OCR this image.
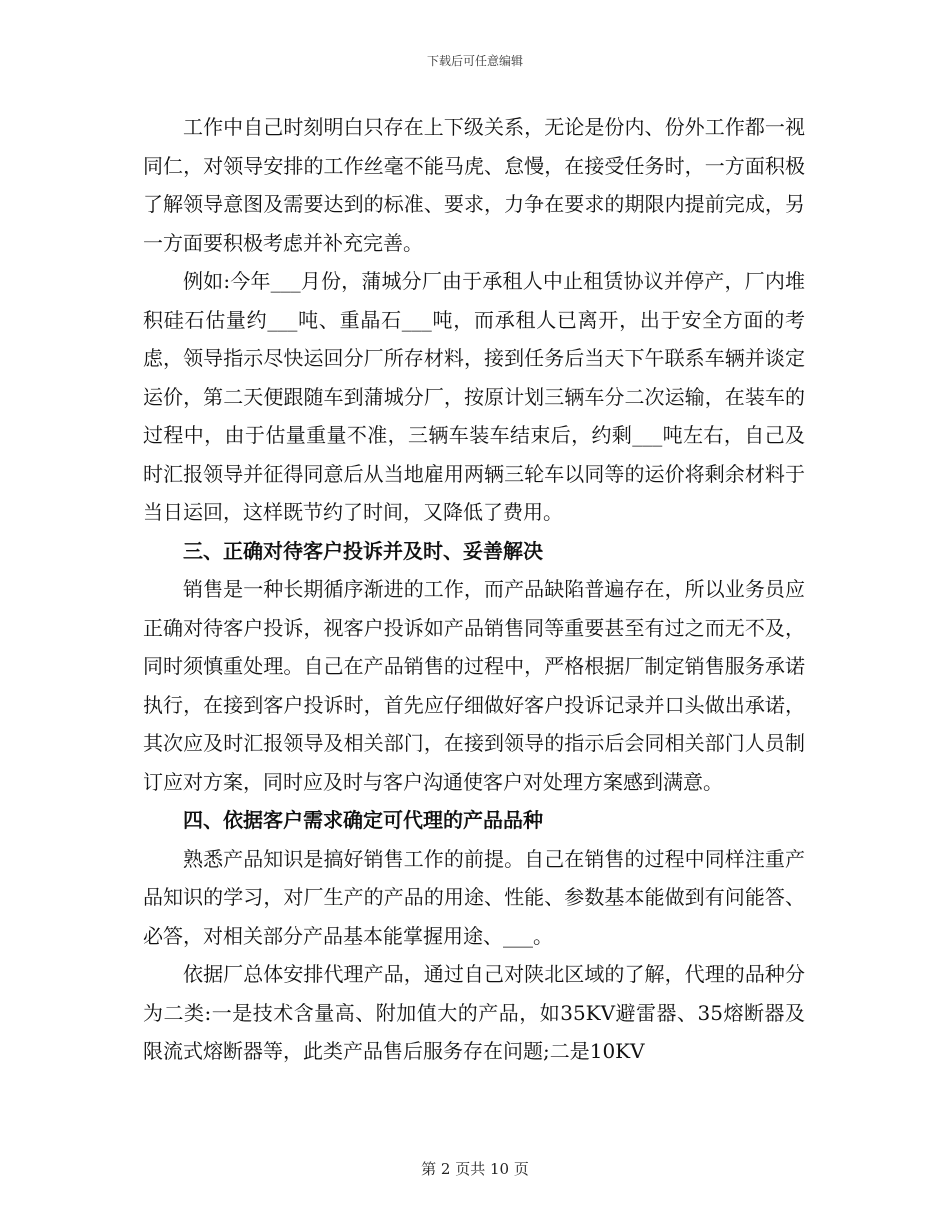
下载后可任意编辑

工作中自己时刻明白只存在上下级关系，无论是份内、份外工作都一视同仁，对领导安排的工作丝毫不能马虎、怠慢，在接受任务时，一方面积极了解领导意图及需要达到的标准、要求，力争在要求的期限内提前完成，另一方面要积极考虑并补充完善。

例如:今年___月份，蒲城分厂由于承租人中止租赁协议并停产，厂内堆积硅石估量约___吨、重晶石___吨，而承租人已离开，出于安全方面的考虑，领导指示尽快运回分厂所存材料，接到任务后当天下午联系车辆并谈定运价，第二天便跟随车到蒲城分厂，按原计划三辆车分二次运输，在装车的过程中，由于估量重量不准，三辆车装车结束后，约剩___吨左右，自己及时汇报领导并征得同意后从当地雇用两辆三轮车以同等的运价将剩余材料于当日运回，这样既节约了时间，又降低了费用。

三、正确对待客户投诉并及时、妥善解决

销售是一种长期循序渐进的工作，而产品缺陷普遍存在，所以业务员应正确对待客户投诉，视客户投诉如产品销售同等重要甚至有过之而无不及，同时须慎重处理。自己在产品销售的过程中，严格根据厂制定销售服务承诺执行，在接到客户投诉时，首先应仔细做好客户投诉记录并口头做出承诺，其次应及时汇报领导及相关部门，在接到领导的指示后会同相关部门人员制订应对方案，同时应及时与客户沟通使客户对处理方案感到满意。

四、依据客户需求确定可代理的产品品种

熟悉产品知识是搞好销售工作的前提。自己在销售的过程中同样注重产品知识的学习，对厂生产的产品的用途、性能、参数基本能做到有问能答、必答，对相关部分产品基本能掌握用途、___。

依据厂总体安排代理产品，通过自己对陕北区域的了解，代理的品种分为二类:一是技术含量高、附加值大的产品，如35KV避雷器、35熔断器及限流式熔断器等，此类产品售后服务存在问题;二是10KV

第 2 页共 10 页
